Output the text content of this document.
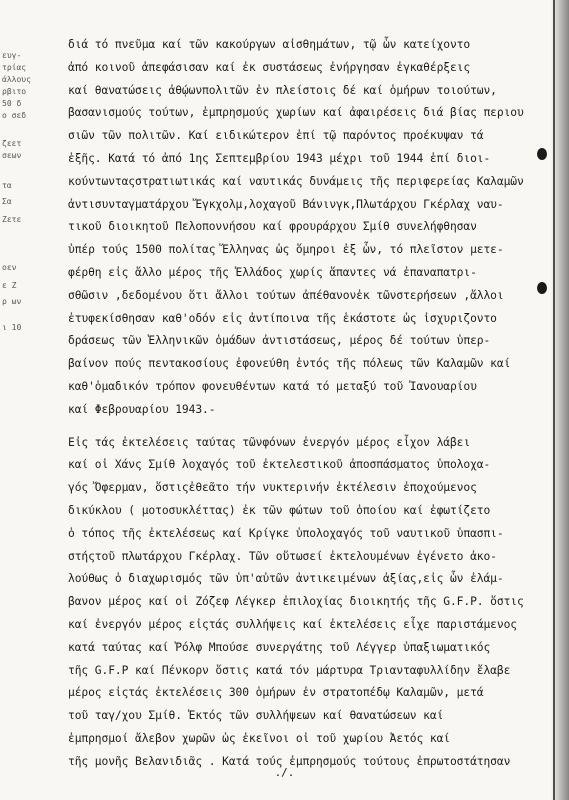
ευγ-
τρίας
άλλους
ρβιτο
50 δ
ο σεδ
ζεετ
σεων
τα
Σα
Ζετε
οεν
ε Ζ
ρ ων
ι 10
διά τό πνεῦμα καί τῶν κακούργων αἰσθημάτων, τῷ ὧν κατείχοντο
ἀπό κοινοῦ ἀπεφάσισαν καί ἐκ συστάσεως ἐνήργησαν ἐγκαθέρξεις
καί θανατώσεις ἀθῴωνπολιτῶν ἐν πλείστοις δέ καί ὁμήρων τοιούτων,
βασανισμούς τούτων, ἐμπρησμούς χωρίων καί ἀφαιρέσεις διά βίας περιου
σιῶν τῶν πολιτῶν. Καί ειδικώτερον ἐπί τῷ παρόντος προέκυψαν τά
ἑξῆς. Κατά τό ἀπό 1ης Σεπτεμβρίου 1943 μέχρι τοῦ 1944 ἐπί διοι-
κούντωνταςστρατιωτικάς καί ναυτικάς δυνάμεις τῆς περιφερείας Καλαμῶν
ἀντισυνταγματάρχου Ἔγκχολμ,λοχαγοῦ Βάνινγκ,Πλωτάρχου Γκέρλαχ ναυ-
τικοῦ διοικητοῦ Πελοποννήσου καί φρουράρχου Σμίθ συνελήφθησαν
ὑπέρ τούς 1500 πολίτας Ἕλληνας ὡς ὅμηροι ἐξ ὧν, τό πλεῖστον μετε-
φέρθη εἰς ἄλλο μέρος τῆς Ἑλλάδος χωρίς ἅπαντες νά ἐπαναπατρι-
σθῶσιν ,δεδομένου ὅτι ἄλλοι τούτων ἀπέθανονἐκ τῶνστερήσεων ,ἄλλοι
ἐτυφεκίσθησαν καθ'οδόν εἰς ἀντίποινα τῆς ἑκάστοτε ὡς ἰσχυριζοντο
δράσεως τῶν Ἑλληνικῶν ὁμάδων ἀντιστάσεως, μέρος δέ τούτων ὑπερ-
βαίνον πούς πεντακοσίους ἐφονεύθη ἐντός τῆς πόλεως τῶν Καλαμῶν καί
καθ'ὁμαδικόν τρόπον φονευθέντων κατά τό μεταξύ τοῦ Ἰανουαρίου
καί Φεβρουαρίου 1943.-
Εἰς τάς ἐκτελέσεις ταύτας τῶνφόνων ἐνεργόν μέρος εἶχον λάβει
καί οἱ Χάνς Σμίθ λοχαγός τοῦ ἐκτελεστικοῦ ἀποσπάσματος ὑπολοχα-
γός Ὄφερμαν, ὅστιςἐθεᾶτο τήν νυκτερινήν ἐκτέλεσιν ἐποχούμενος
δικύκλου ( μοτοσυκλέττας) ἐκ τῶν φώτων τοῦ ὁποίου καί ἐφωτίζετο
ὁ τόπος τῆς ἐκτελέσεως καί Κρίγκε ὑπολοχαγός τοῦ ναυτικοῦ ὑπασπι-
στήςτοῦ πλωτάρχου Γκέρλαχ. Τῶν οὕτωσεί ἐκτελουμένων ἐγένετο ἀκο-
λούθως ὁ διαχωρισμός τῶν ὑπ'αὐτῶν ἀντικειμένων ἀξίας,εἰς ὧν ἐλάμ-
βανον μέρος καί οἱ Ζόζεφ Λέγκερ ἐπιλοχίας διοικητής τῆς G.F.P. ὅστις
καί ἐνεργόν μέρος εἰςτάς συλλήψεις καί ἐκτελέσεις εἶχε παριστάμενος
κατά ταύτας καί Ῥόλφ Μπούσε συνεργάτης τοῦ Λέγγερ ὑπαξιωματικός
τῆς G.F.P καί Πένκορν ὅστις κατά τόν μάρτυρα Τριανταφυλλίδην ἔλαβε
μέρος εἰςτάς ἐκτελέσεις 300 ὁμήρων ἐν στρατοπέδῳ Καλαμῶν, μετά
τοῦ ταγ/χου Σμίθ. Ἐκτός τῶν συλλήψεων καί θανατώσεων καί
ἐμπρησμοί ἄλεβον χωρῶν ὡς ἐκεῖνοι οἱ τοῦ χωρίου Ἀετός καί
τῆς μονῆς Βελανιδιᾶς . Κατά τούς ἐμπρησμούς τούτους ἐπρωτοστάτησαν
./.
